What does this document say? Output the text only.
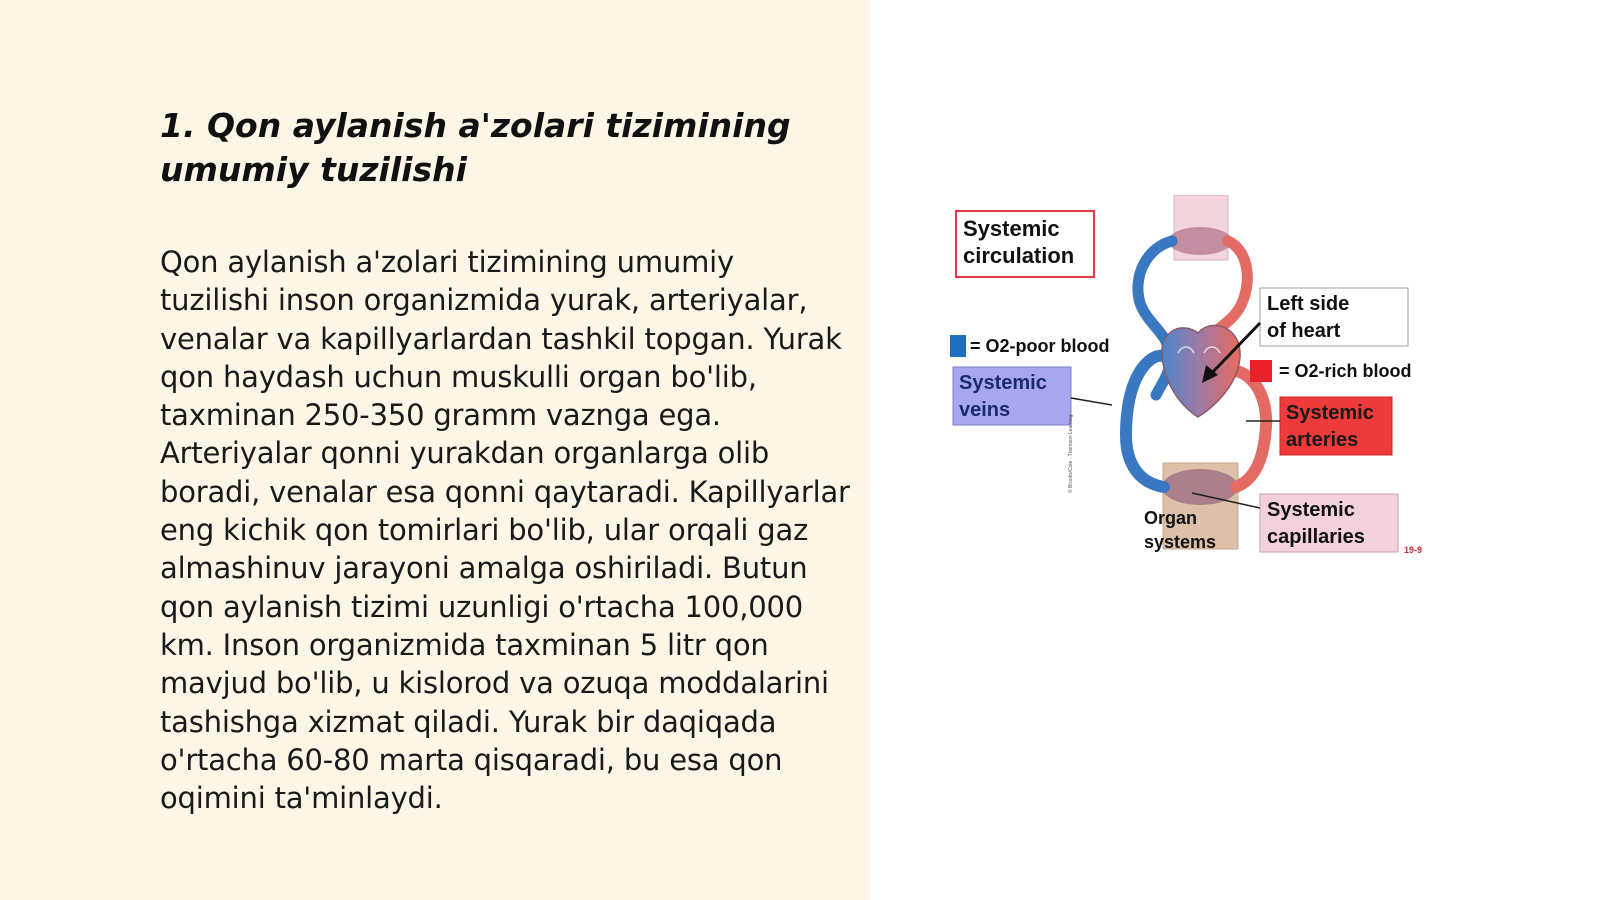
1. Qon aylanish a'zolari tizimining umumiy tuzilishi

Qon aylanish a'zolari tizimining umumiy tuzilishi inson organizmida yurak, arteriyalar, venalar va kapillyarlardan tashkil topgan. Yurak qon haydash uchun muskulli organ bo'lib, taxminan 250-350 gramm vaznga ega. Arteriyalar qonni yurakdan organlarga olib boradi, venalar esa qonni qaytaradi. Kapillyarlar eng kichik qon tomirlari bo'lib, ular orqali gaz almashinuv jarayoni amalga oshiriladi. Butun qon aylanish tizimi uzunligi o'rtacha 100,000 km. Inson organizmida taxminan 5 litr qon mavjud bo'lib, u kislorod va ozuqa moddalarini tashishga xizmat qiladi. Yurak bir daqiqada o'rtacha 60-80 marta qisqaradi, bu esa qon oqimini ta'minlaydi.

Systemic
circulation
Left side
of heart
Systemic
veins	Systemic
arteries
Organ
systems
Systemic
capillaries
= O2-poor blood
= O2-rich blood
19-9
© Brooks/Cole - Thomson Learning
